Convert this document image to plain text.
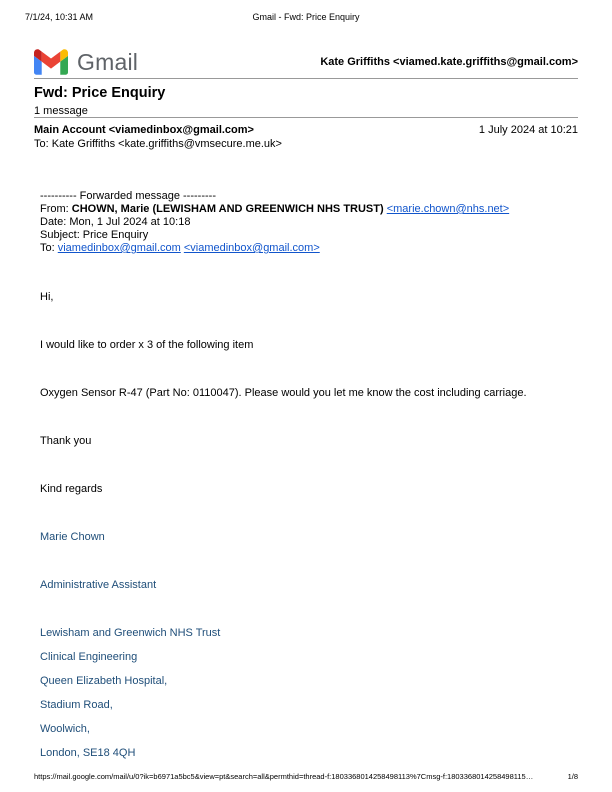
7/1/24, 10:31 AM	Gmail - Fwd: Price Enquiry
Gmail	Kate Griffiths <viamed.kate.griffiths@gmail.com>
Fwd: Price Enquiry
1 message
Main Account <viamedinbox@gmail.com>	1 July 2024 at 10:21
To: Kate Griffiths <kate.griffiths@vmsecure.me.uk>
---------- Forwarded message ---------
From: CHOWN, Marie (LEWISHAM AND GREENWICH NHS TRUST) <marie.chown@nhs.net>
Date: Mon, 1 Jul 2024 at 10:18
Subject: Price Enquiry
To: viamedinbox@gmail.com <viamedinbox@gmail.com>

Hi,

I would like to order x 3 of the following item

Oxygen Sensor R-47 (Part No: 0110047). Please would you let me know the cost including carriage.

Thank you

Kind regards

Marie Chown
Administrative Assistant
Lewisham and Greenwich NHS Trust
Clinical Engineering
Queen Elizabeth Hospital,
Stadium Road,
Woolwich,
London, SE18 4QH
https://mail.google.com/mail/u/0?ik=b6971a5bc5&view=pt&search=all&permthid=thread-f:1803368014258498113%7Cmsg-f:1803368014258498115…	1/8
